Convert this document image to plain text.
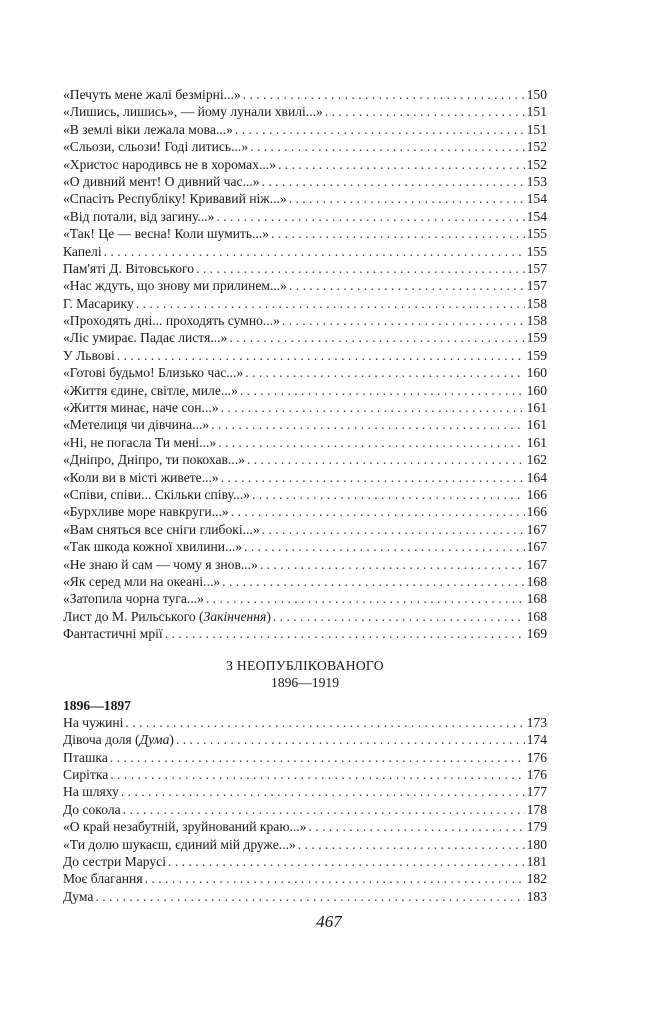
«Печуть мене жалі безмірні...» . . .	150
«Лишись, лишись», — йому лунали хвилі...» . . .	151
«В землі віки лежала мова...» . . .	151
«Сльози, сльози! Годі литись...» . . .	152
«Христос народивсь не в хоромах...» . . .	152
«О дивний мент! О дивний час...» . . .	153
«Спасіть Республіку! Кривавий ніж...» . . .	154
«Від потали, від загину...» . . .	154
«Так! Це — весна! Коли шумить...» . . .	155
Капелі . . .	155
Пам'яті Д. Вітовського . . .	157
«Нас ждуть, що знову ми прилинем...» . . .	157
Г. Масарику . . .	158
«Проходять дні... проходять сумно...» . . .	158
«Ліс умирає. Падає листя...» . . .	159
У Львові . . .	159
«Готові будьмо! Близько час...» . . .	160
«Життя єдине, світле, миле...» . . .	160
«Життя минає, наче сон...» . . .	161
«Метелиця чи дівчина...» . . .	161
«Ні, не погасла Ти мені...» . . .	161
«Дніпро, Дніпро, ти покохав...» . . .	162
«Коли ви в місті живете...» . . .	164
«Співи, співи... Скільки співу...» . . .	166
«Бурхливе море навкруги...» . . .	166
«Вам сняться все сніги глибокі...» . . .	167
«Так шкода кожної хвилини...» . . .	167
«Не знаю й сам — чому я знов...» . . .	167
«Як серед мли на океані...» . . .	168
«Затопила чорна туга...» . . .	168
Лист до М. Рильського (Закінчення) . . .	168
Фантастичні мрії . . .	169
З НЕОПУБЛІКОВАНОГО
1896—1919
1896—1897
На чужині . . .	173
Дівоча доля (Дума) . . .	174
Пташка . . .	176
Сирітка . . .	176
На шляху . . .	177
До сокола . . .	178
«О край незабутній, зруйнований краю...» . . .	179
«Ти долю шукаєш, єдиний мій друже...» . . .	180
До сестри Марусі . . .	181
Моє благання . . .	182
Дума . . .	183
467
